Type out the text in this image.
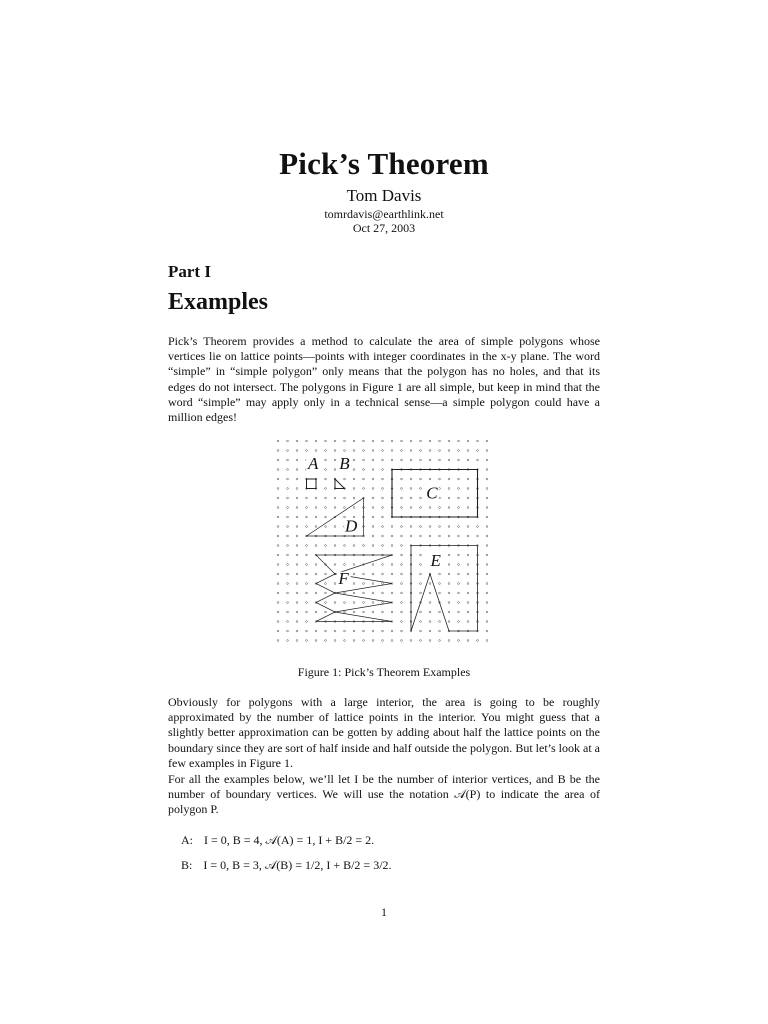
Pick’s Theorem
Tom Davis
tomrdavis@earthlink.net
Oct 27, 2003
Part I
Examples

Pick’s Theorem provides a method to calculate the area of simple polygons whose vertices lie on lattice points—points with integer coordinates in the x-y plane. The word “simple” in “simple polygon” only means that the polygon has no holes, and that its edges do not intersect. The polygons in Figure 1 are all simple, but keep in mind that the word “simple” may apply only in a technical sense—a simple polygon could have a million edges!

A B
C
D
E
F
Figure 1: Pick’s Theorem Examples

Obviously for polygons with a large interior, the area is going to be roughly approximated by the number of lattice points in the interior. You might guess that a slightly better approximation can be gotten by adding about half the lattice points on the boundary since they are sort of half inside and half outside the polygon. But let’s look at a few examples in Figure 1.

For all the examples below, we’ll let I be the number of interior vertices, and B be the number of boundary vertices. We will use the notation 𝒜(P) to indicate the area of polygon P.

A: I = 0, B = 4, 𝒜(A) = 1, I + B/2 = 2.
B: I = 0, B = 3, 𝒜(B) = 1/2, I + B/2 = 3/2.
1
